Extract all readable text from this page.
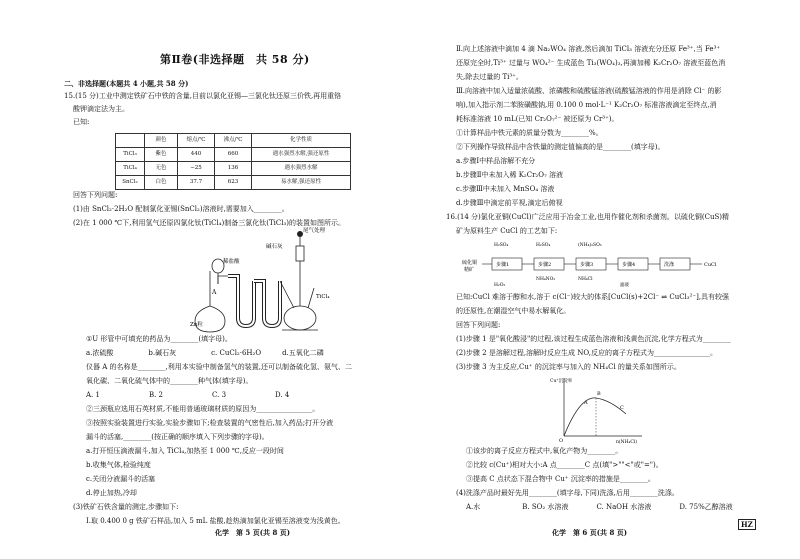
第Ⅱ卷(非选择题　共 58 分)
二、非选择题(本题共 4 小题,共 58 分)
15.(15 分)工业中测定铁矿石中铁的含量,目前以氯化亚锡—三氯化钛还原三价铁,再用重铬
酸钾滴定法为主。
已知:
	颜色	熔点/℃	沸点/℃	化学性质
TiCl₃	紫色	440	660	遇水强烈水解,强还原性
TiCl₄	无色	−25	136	遇水强烈水解
SnCl₂	白色	37.7	623	易水解,强还原性
回答下列问题:
(1)由 SnCl₂·2H₂O 配制氯化亚锡(SnCl₂)溶液时,需要加入________。
(2)在 1 000 ℃下,利用氢气还原四氯化钛(TiCl₄)制备三氯化钛(TiCl₃)的装置如图所示。
稀盐酸
Zn粒
A
尾气处理
碱石灰
TiCl₄
①U 形管中可填充的药品为________(填字母)。
a.浓硫酸　　　　　b.碱石灰　　　　　c. CuCl₂·6H₂O　　　d.五氧化二磷
仪器 A 的名称是________,利用本实验中制备氢气的装置,还可以制备硫化氢、氨气、二
氧化碳、二氧化硫气体中的________种气体(填字母)。
A. 1　　　　　　　B. 2　　　　　　　C. 3　　　　　　　D. 4
②三颈瓶应选用石英材质,不能用普通玻璃材质的原因为________________。
③按照实验装置进行实验,实验步骤如下;检查装置的气密性后,加入药品;打开分液
漏斗的活塞,________(按正确的顺序填入下列步骤的字母)。
a.打开恒压滴液漏斗,加入 TiCl₄,加热至 1 000 ℃,反应一段时间
b.收集气体,检验纯度
c.关闭分液漏斗的活塞
d.停止加热,冷却
(3)铁矿石铁含量的测定,步骤如下:
Ⅰ.取 0.400 0 g 铁矿石样品,加入 5 mL 盐酸,趁热滴加氯化亚锡至溶液变为浅黄色。
化学　第 5 页(共 8 页)
Ⅱ.向上述溶液中滴加 4 滴 Na₂WO₄ 溶液,然后滴加 TiCl₃ 溶液充分还原 Fe³⁺,当 Fe³⁺
还原完全时,Ti³⁺ 过量与 WO₄²⁻ 生成蓝色 Ti₃(WO₄)₃,再滴加稀 K₂Cr₂O₇ 溶液至蓝色消
失,除去过量的 Ti³⁺。
Ⅲ.向溶液中加入适量浓硫酸、浓磷酸和硫酸锰溶液(硫酸锰溶液的作用是消除 Cl⁻ 的影
响),加入指示剂二苯胺磺酸钠,用 0.100 0 mol·L⁻¹ K₂Cr₂O₇ 标准溶液滴定至终点,消
耗标准溶液 10 mL(已知 Cr₂O₇²⁻ 被还原为 Cr³⁺)。
①计算样品中铁元素的质量分数为________%。
②下列操作导致样品中含铁量的测定值偏高的是________(填字母)。
a.步骤Ⅰ中样品溶解不充分
b.步骤Ⅱ中未加入稀 K₂Cr₂O₇ 溶液
c.步骤Ⅲ中未加入 MnSO₄ 溶液
d.步骤Ⅲ中滴定前平视,滴定后俯视
16.(14 分)氯化亚铜(CuCl)广泛应用于冶金工业,也用作催化剂和杀菌剂。以硫化铜(CuS)精
矿为原料生产 CuCl 的工艺如下:
硫化铜
精矿
步骤1
H₂SO₄
H₂O₂
步骤2
H₂SO₄
NH₄NO₃
步骤3
(NH₄)₂SO₃
NH₄Cl
步骤4
滤液
洗涤	CuCl
已知:CuCl 难溶于醇和水,溶于 c(Cl⁻)较大的体系[CuCl(s)+2Cl⁻ ⇌ CuCl₃²⁻],具有较强
的还原性,在潮湿空气中易水解氧化。
回答下列问题:
(1)步骤 1 是"氧化酸浸"的过程,该过程生成蓝色溶液和浅黄色沉淀,化学方程式为________
(2)步骤 2 是溶解过程,溶解时反应生成 NO,反应的离子方程式为________________。
(3)步骤 3 为主反应,Cu⁺ 的沉淀率与加入的 NH₄Cl 的量关系如图所示。
O
A
B
C
n(NH₄Cl)
Cu⁺沉淀率
①该步的离子反应方程式中,氧化产物为________。
②比较 c(Cu⁺)相对大小:A 点________C 点(填">""<"或"=")。
③提高 C 点状态下混合物中 Cu⁺ 沉淀率的措施是________。
(4)洗涤产品时最好先用________(填字母,下同)洗涤,后用________洗涤。
A.水　　　　　　B. SO₂ 水溶液　　　　C. NaOH 水溶液　　　　D. 75%乙醇溶液
化学　第 6 页(共 8 页)
HZ
